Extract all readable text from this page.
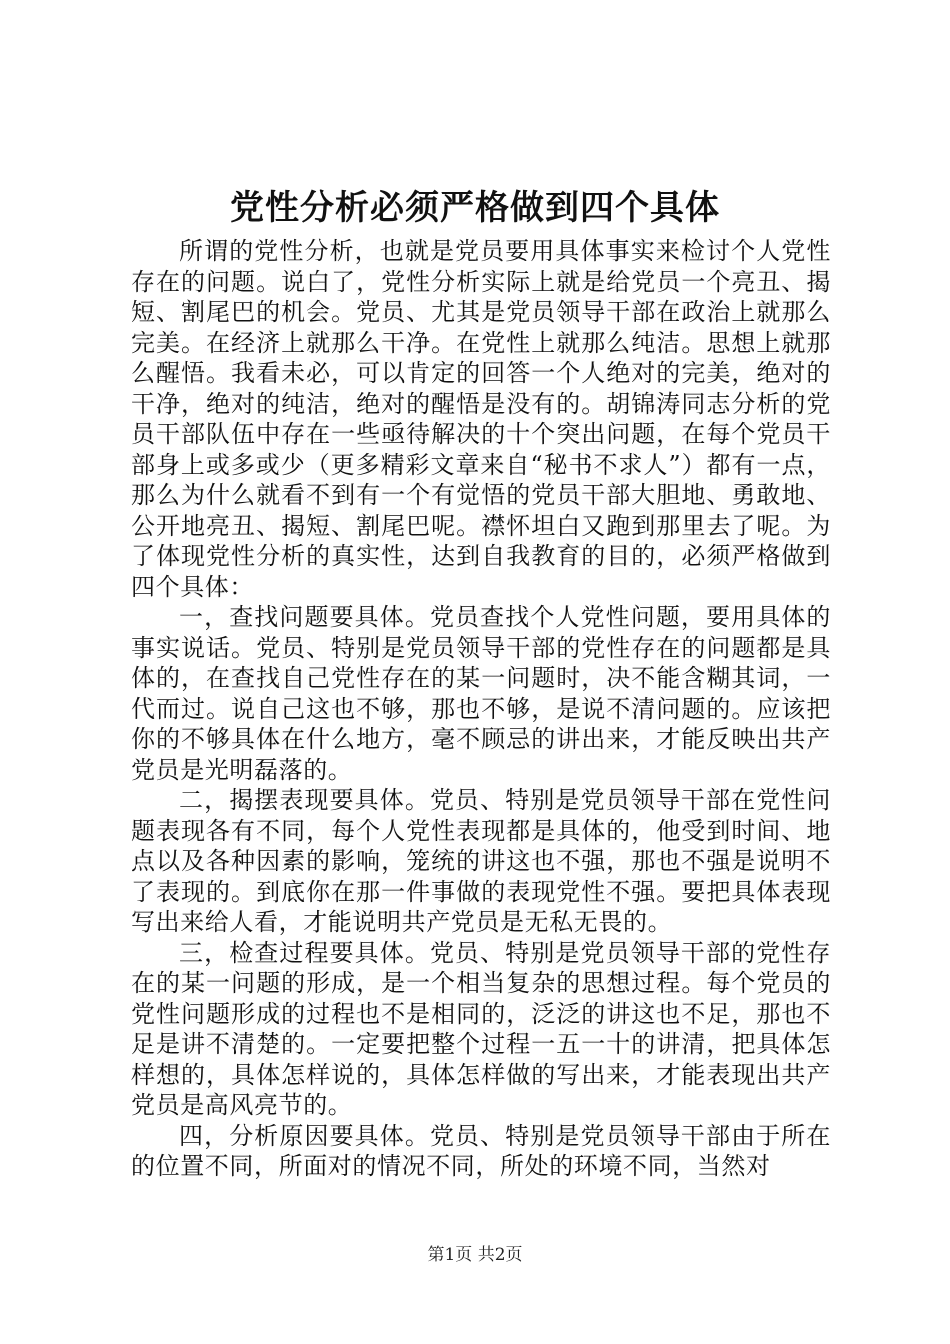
党性分析必须严格做到四个具体

所谓的党性分析，也就是党员要用具体事实来检讨个人党性存在的问题。说白了，党性分析实际上就是给党员一个亮丑、揭短、割尾巴的机会。党员、尤其是党员领导干部在政治上就那么完美。在经济上就那么干净。在党性上就那么纯洁。思想上就那么醒悟。我看未必，可以肯定的回答一个人绝对的完美，绝对的干净，绝对的纯洁，绝对的醒悟是没有的。胡锦涛同志分析的党员干部队伍中存在一些亟待解决的十个突出问题，在每个党员干部身上或多或少（更多精彩文章来自“秘书不求人”）都有一点，那么为什么就看不到有一个有觉悟的党员干部大胆地、勇敢地、公开地亮丑、揭短、割尾巴呢。襟怀坦白又跑到那里去了呢。为了体现党性分析的真实性，达到自我教育的目的，必须严格做到四个具体：

一，查找问题要具体。党员查找个人党性问题，要用具体的事实说话。党员、特别是党员领导干部的党性存在的问题都是具体的，在查找自己党性存在的某一问题时，决不能含糊其词，一代而过。说自己这也不够，那也不够，是说不清问题的。应该把你的不够具体在什么地方，毫不顾忌的讲出来，才能反映出共产党员是光明磊落的。

二，揭摆表现要具体。党员、特别是党员领导干部在党性问题表现各有不同，每个人党性表现都是具体的，他受到时间、地点以及各种因素的影响，笼统的讲这也不强，那也不强是说明不了表现的。到底你在那一件事做的表现党性不强。要把具体表现写出来给人看，才能说明共产党员是无私无畏的。

三，检查过程要具体。党员、特别是党员领导干部的党性存在的某一问题的形成，是一个相当复杂的思想过程。每个党员的党性问题形成的过程也不是相同的，泛泛的讲这也不足，那也不足是讲不清楚的。一定要把整个过程一五一十的讲清，把具体怎样想的，具体怎样说的，具体怎样做的写出来，才能表现出共产党员是高风亮节的。

四，分析原因要具体。党员、特别是党员领导干部由于所在的位置不同，所面对的情况不同，所处的环境不同，当然对

第1页 共2页
